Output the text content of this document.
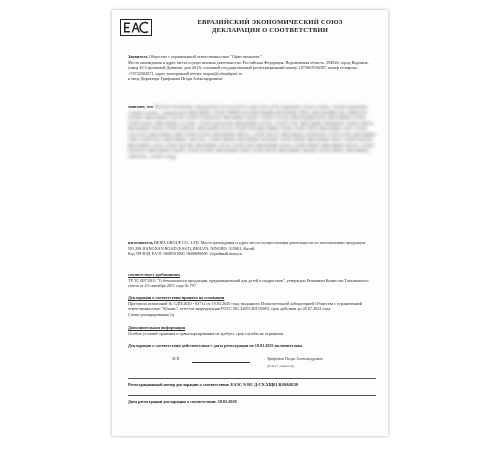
ЕВРАЗИЙСКИЙ ЭКОНОМИЧЕСКИЙ СОЮЗ
ДЕКЛАРАЦИЯ О СООТВЕТСТВИИ

Заявитель Общество с ограниченной ответственностью "Офис-комплект"

Место нахождения и адрес места осуществления деятельности: Российская Федерация, Воронежская область, 394026, город Воронеж, улица 45 Стрелковой Дивизии, дом 261А, основной государственный регистрационный номер: 1073667036387, номер телефона: +74732502071, адрес электронной почты: import@ofisnabprof.ru

в лице Директора Трифонова Игоря Александровича

заявляет, что Школьно-письменные принадлежности для детей и подростков: ручки шариковые, ручки гелевые, стержни шариковые, стержни гелевые, с маркировкой: BRAUBERG, STAFF, ПИФАГОР, ЮНЛАНДИЯ, BRAUBERG KIDS, ЮНЛАНДИЯ ART, ПИФАГОР STUDIO, BRAUBERG COLOR, STAFF EVERYDAY, BRAUBERG BASIC, STAFF COLOR, ЮНЛАНДИЯ KIDS, BRAUBERG ULTRA, STAFF BASIC, BRAUBERG CLASSIC, STAFF MANAGER, BRAUBERG EXTRA, STAFF LINE, BRAUBERG PREMIUM, STAFF OFFICE, BRAUBERG NEON, STAFF SCHOOL, BRAUBERG FLUO, STAFF TOP, BRAUBERG SLIM, STAFF TEEN, BRAUBERG SOFT, STAFF COLLEGE, BRAUBERG GRIP, STAFF STUDY, BRAUBERG METAL, STAFF MULTI, BRAUBERG DIAMOND, STAFF STAR, BRAUBERG TRIO, STAFF DUO, BRAUBERG CRYSTAL, STAFF FRESH, BRAUBERG WINNER, STAFF SPORT, BRAUBERG MATT, STAFF PASTEL, BRAUBERG GOLD, STAFF SILVER, BRAUBERG TECH, STAFF NEW, BRAUBERG RACE, STAFF SPEED, BRAUBERG MAGIC, STAFF FANTASY, BRAUBERG HAPPY, STAFF FUNNY, BRAUBERG MINI, STAFF MAXI, BRAUBERG SMART, STAFF SMILE, BRAUBERG ORIGINAL, STAFF College

изготовитель BEIFA GROUP CO., LTD. Место нахождения и адрес места осуществления деятельности по изготовлению продукции: NO.298 JIANGNAN ROAD [EAST], BEILUN, NINGBO, 315801, Китай.

Код ТН ВЭД ЕАЭС 9608101000, 9608600000. Серийный выпуск

соответствует требованиям

ТР ТС 007/2011 "О безопасности продукции, предназначенной для детей и подростков", утвержден Решением Комиссии Таможенного союза от 23 сентября 2011 года № 797

Декларация о соответствии принята на основании

Протокола испытаний № СДП/2020 - 03712 от 19.03.2020 года, выданного Испытательной лабораторией Общества с ограниченной ответственностью "Юлинс", аттестат аккредитации РОСС RU.32093.ИЛ.00003, срок действия до 20.07.2022 года.

Схема декларирования 1д

Дополнительная информация

Особых условий хранения и транспортирования не требует, срок службы не ограничен.

Декларация о соответствии действительна с даты регистрации по 18.03.2023 включительно
М.П.	Трифонов Игорь Александрович
(Ф.И.О. заявителя)
Регистрационный номер декларации о соответствии: ЕАЭС N RU Д-CN.ХЩ01.В.00648/20
Дата регистрации декларации о соответствии: 19.03.2020
